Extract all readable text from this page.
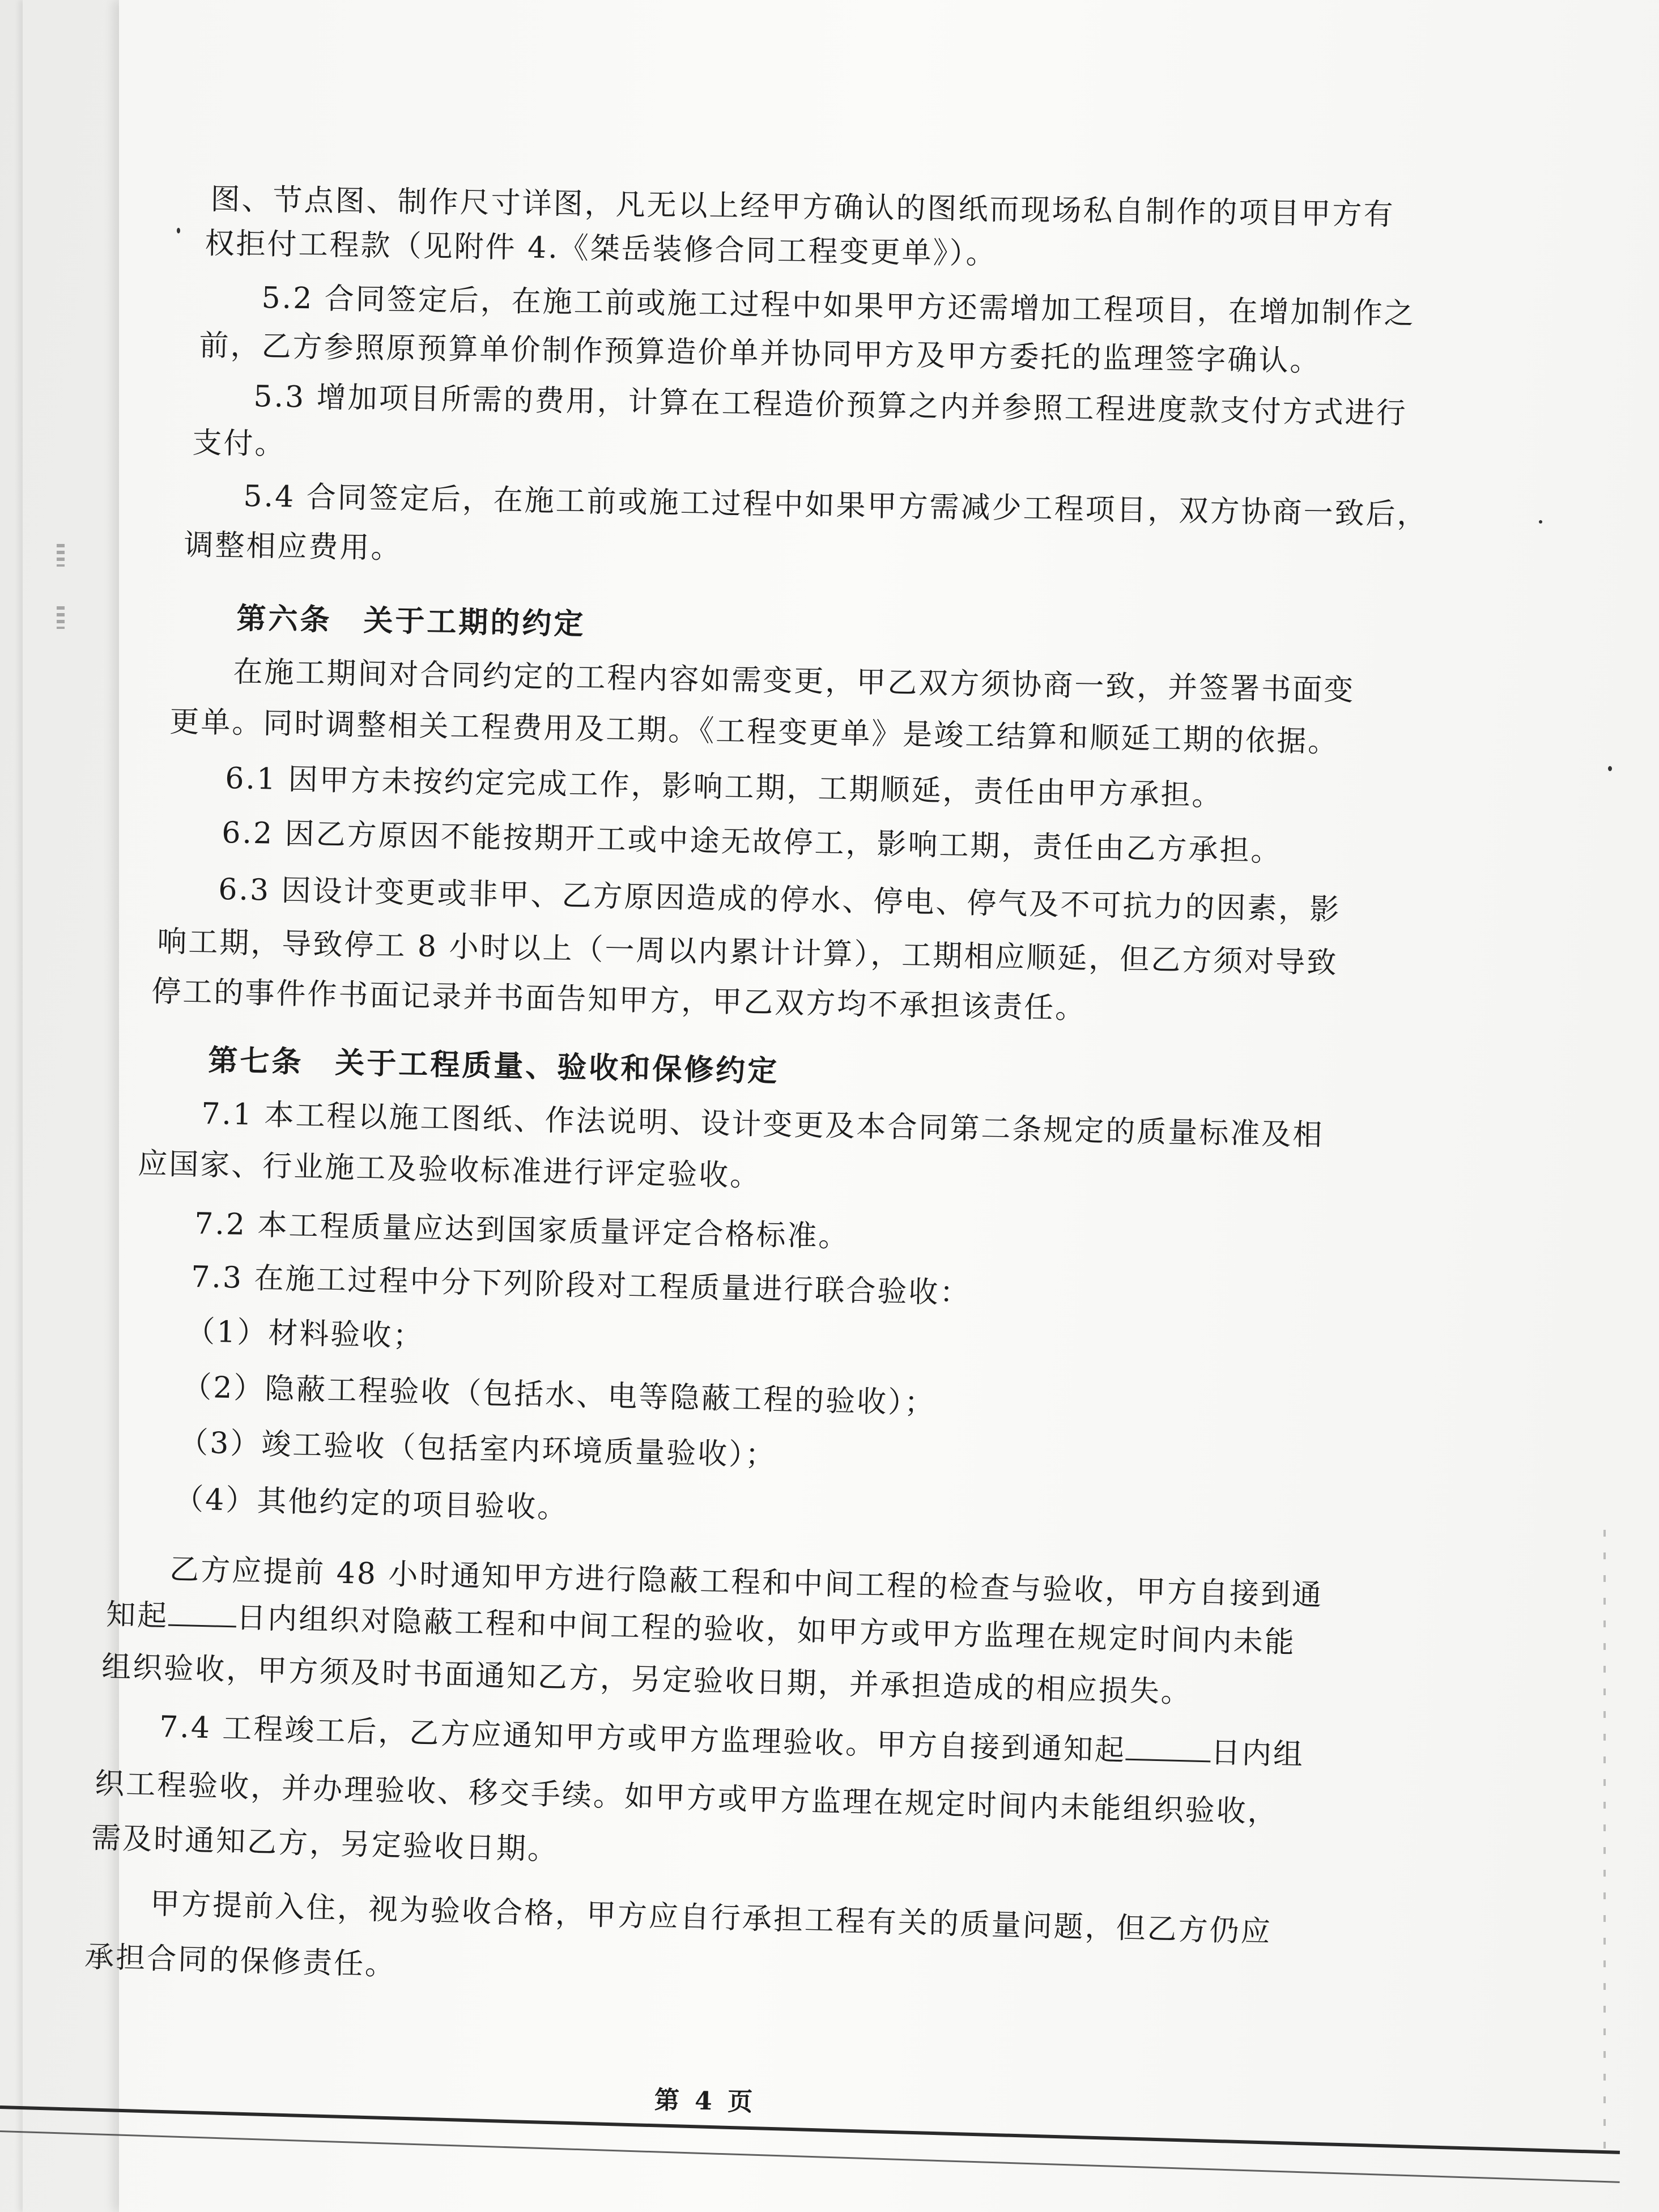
图、节点图、制作尺寸详图，凡无以上经甲方确认的图纸而现场私自制作的项目甲方有
权拒付工程款（见附件 4.《桀岳装修合同工程变更单》）。
5.2 合同签定后，在施工前或施工过程中如果甲方还需增加工程项目，在增加制作之
前，乙方参照原预算单价制作预算造价单并协同甲方及甲方委托的监理签字确认。
5.3 增加项目所需的费用，计算在工程造价预算之内并参照工程进度款支付方式进行
支付。
5.4 合同签定后，在施工前或施工过程中如果甲方需减少工程项目，双方协商一致后，
调整相应费用。
第六条　关于工期的约定
在施工期间对合同约定的工程内容如需变更，甲乙双方须协商一致，并签署书面变
更单。同时调整相关工程费用及工期。《工程变更单》是竣工结算和顺延工期的依据。
6.1 因甲方未按约定完成工作，影响工期，工期顺延，责任由甲方承担。
6.2 因乙方原因不能按期开工或中途无故停工，影响工期，责任由乙方承担。
6.3 因设计变更或非甲、乙方原因造成的停水、停电、停气及不可抗力的因素，影
响工期，导致停工 8 小时以上（一周以内累计计算），工期相应顺延，但乙方须对导致
停工的事件作书面记录并书面告知甲方，甲乙双方均不承担该责任。
第七条　关于工程质量、验收和保修约定
7.1 本工程以施工图纸、作法说明、设计变更及本合同第二条规定的质量标准及相
应国家、行业施工及验收标准进行评定验收。
7.2 本工程质量应达到国家质量评定合格标准。
7.3 在施工过程中分下列阶段对工程质量进行联合验收：
（1）材料验收；
（2）隐蔽工程验收（包括水、电等隐蔽工程的验收）；
（3）竣工验收（包括室内环境质量验收）；
（4）其他约定的项目验收。
乙方应提前 48 小时通知甲方进行隐蔽工程和中间工程的检查与验收，甲方自接到通
知起 日内组织对隐蔽工程和中间工程的验收，如甲方或甲方监理在规定时间内未能
组织验收，甲方须及时书面通知乙方，另定验收日期，并承担造成的相应损失。
7.4 工程竣工后，乙方应通知甲方或甲方监理验收。甲方自接到通知起	日内组
织工程验收，并办理验收、移交手续。如甲方或甲方监理在规定时间内未能组织验收，
需及时通知乙方，另定验收日期。
甲方提前入住，视为验收合格，甲方应自行承担工程有关的质量问题，但乙方仍应
承担合同的保修责任。
第 4 页
